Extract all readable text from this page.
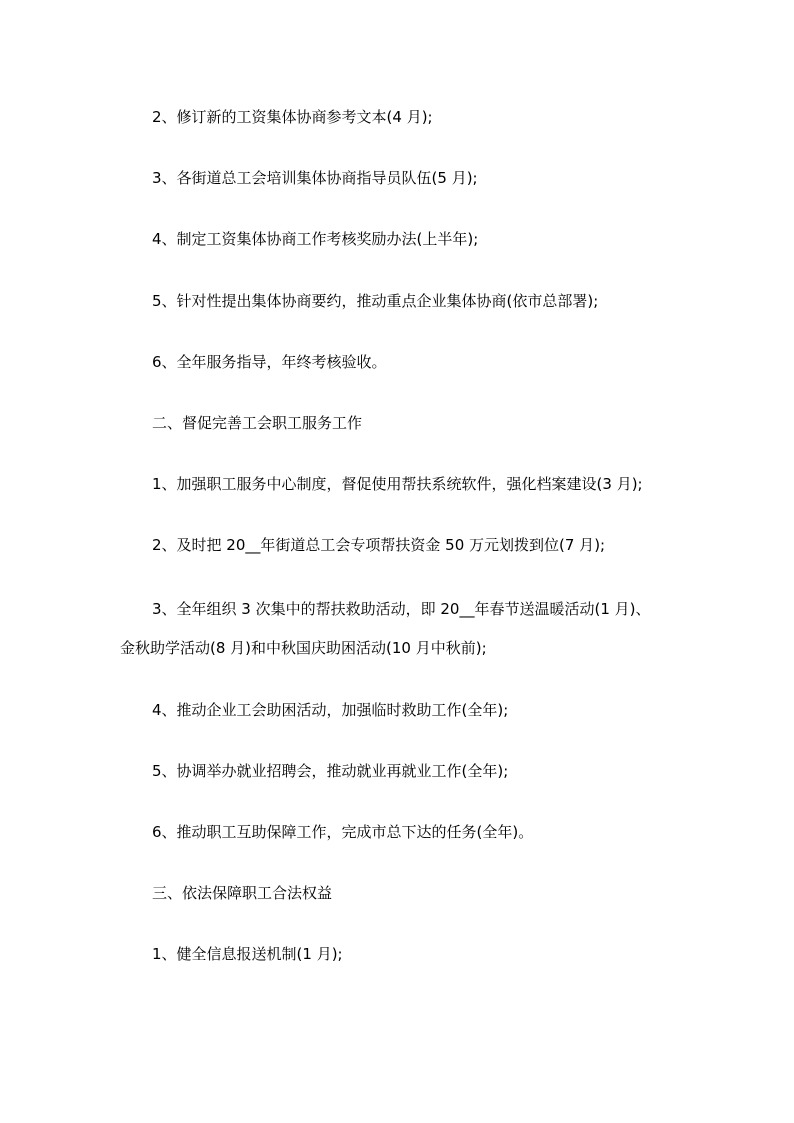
2、修订新的工资集体协商参考文本(4 月);

3、各街道总工会培训集体协商指导员队伍(5 月);

4、制定工资集体协商工作考核奖励办法(上半年);

5、针对性提出集体协商要约，推动重点企业集体协商(依市总部署);

6、全年服务指导，年终考核验收。

二、督促完善工会职工服务工作

1、加强职工服务中心制度，督促使用帮扶系统软件，强化档案建设(3 月);

2、及时把 20__年街道总工会专项帮扶资金 50 万元划拨到位(7 月);

3、全年组织 3 次集中的帮扶救助活动，即 20__年春节送温暖活动(1 月)、

金秋助学活动(8 月)和中秋国庆助困活动(10 月中秋前);

4、推动企业工会助困活动，加强临时救助工作(全年);

5、协调举办就业招聘会，推动就业再就业工作(全年);

6、推动职工互助保障工作，完成市总下达的任务(全年)。

三、依法保障职工合法权益

1、健全信息报送机制(1 月);
